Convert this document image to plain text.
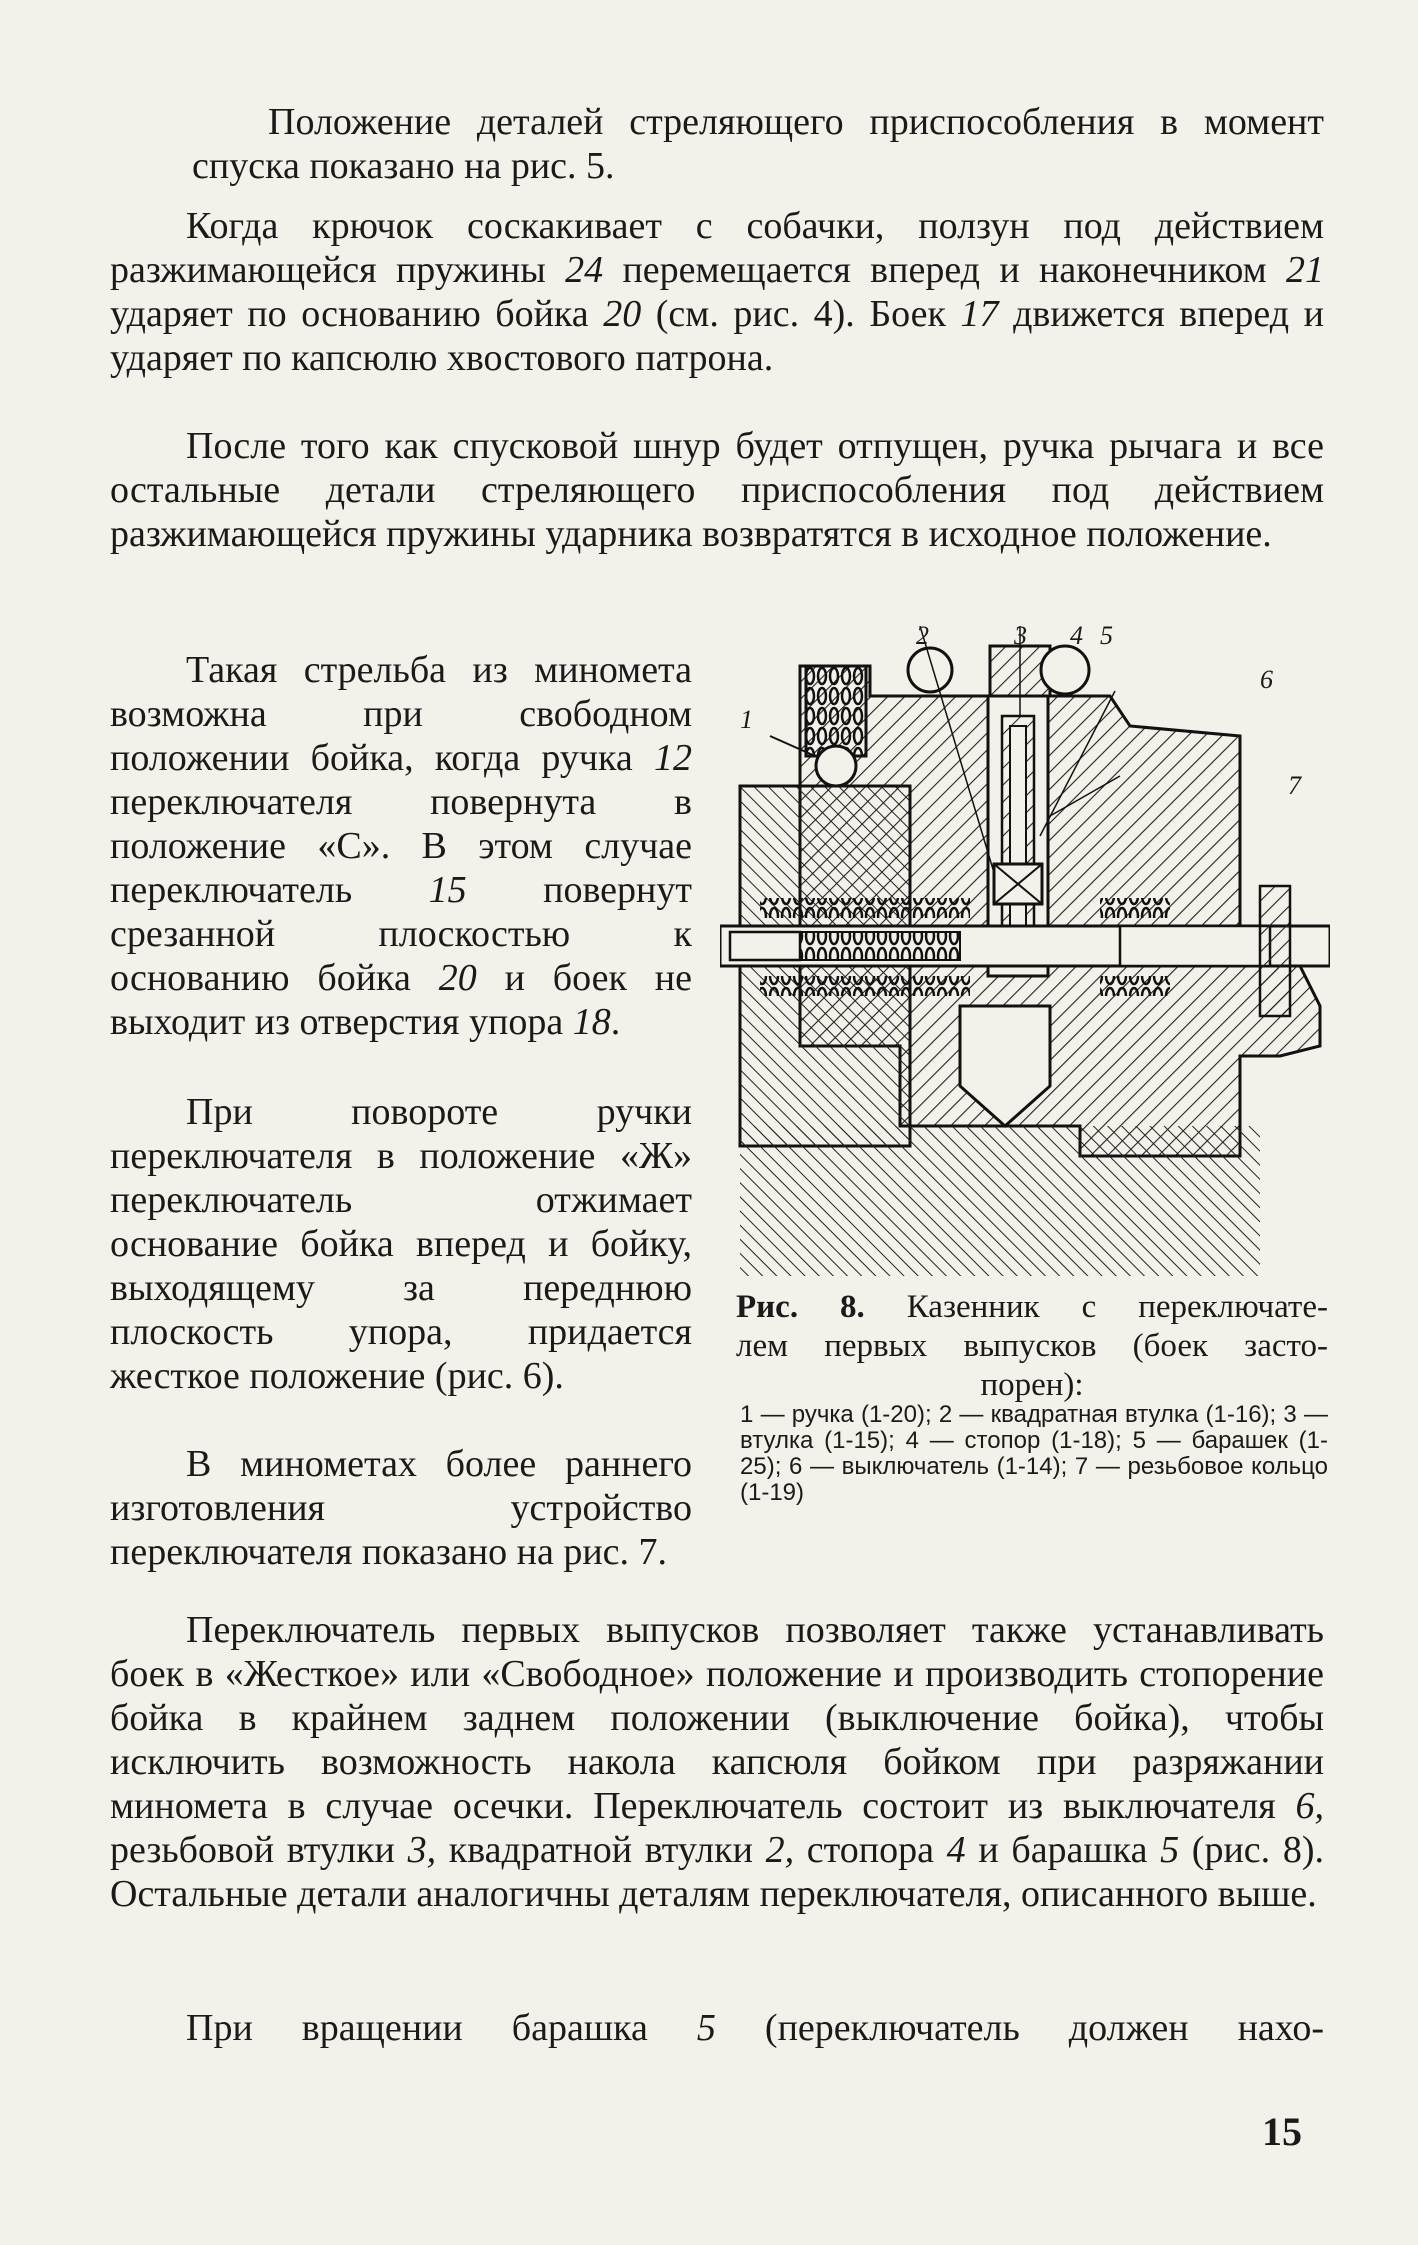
Положение деталей стреляющего приспособления в момент спуска показано на рис. 5.

Когда крючок соскакивает с собачки, ползун под действием разжимающейся пружины 24 перемещается вперед и наконечником 21 ударяет по основанию бойка 20 (см. рис. 4). Боек 17 движется вперед и ударяет по капсюлю хвостового патрона.

После того как спусковой шнур будет отпущен, ручка рычага и все остальные детали стреляющего приспособления под действием разжимающейся пружины ударника возвратятся в исходное положение.

Такая стрельба из миномета возможна при свободном положении бойка, когда ручка 12 переключателя повернута в положение «С». В этом случае переключатель 15 повернут срезанной плоскостью к основанию бойка 20 и боек не выходит из отверстия упора 18.

При повороте ручки переключателя в положение «Ж» переключатель отжимает основание бойка вперед и бойку, выходящему за переднюю плоскость упора, придается жесткое положение (рис. 6).

В минометах более раннего изготовления устройство переключателя показано на рис. 7.

1
2	3 4 5
6
7
Рис. 8. Казенник с переключате-
лем первых выпусков (боек засто-
порен):
1 — ручка (1-20); 2 — квадратная втулка (1-16); 3 — втулка (1-15); 4 — стопор (1-18); 5 — барашек (1-25); 6 — выключатель (1-14); 7 — резьбовое кольцо (1-19)

Переключатель первых выпусков позволяет также устанавливать боек в «Жесткое» или «Свободное» положение и производить стопорение бойка в крайнем заднем положении (выключение бойка), чтобы исключить возможность накола капсюля бойком при разряжании миномета в случае осечки. Переключатель состоит из выключателя 6, резьбовой втулки 3, квадратной втулки 2, стопора 4 и барашка 5 (рис. 8). Остальные детали аналогичны деталям переключателя, описанного выше.

При вращении барашка 5 (переключатель должен нахо-

15
